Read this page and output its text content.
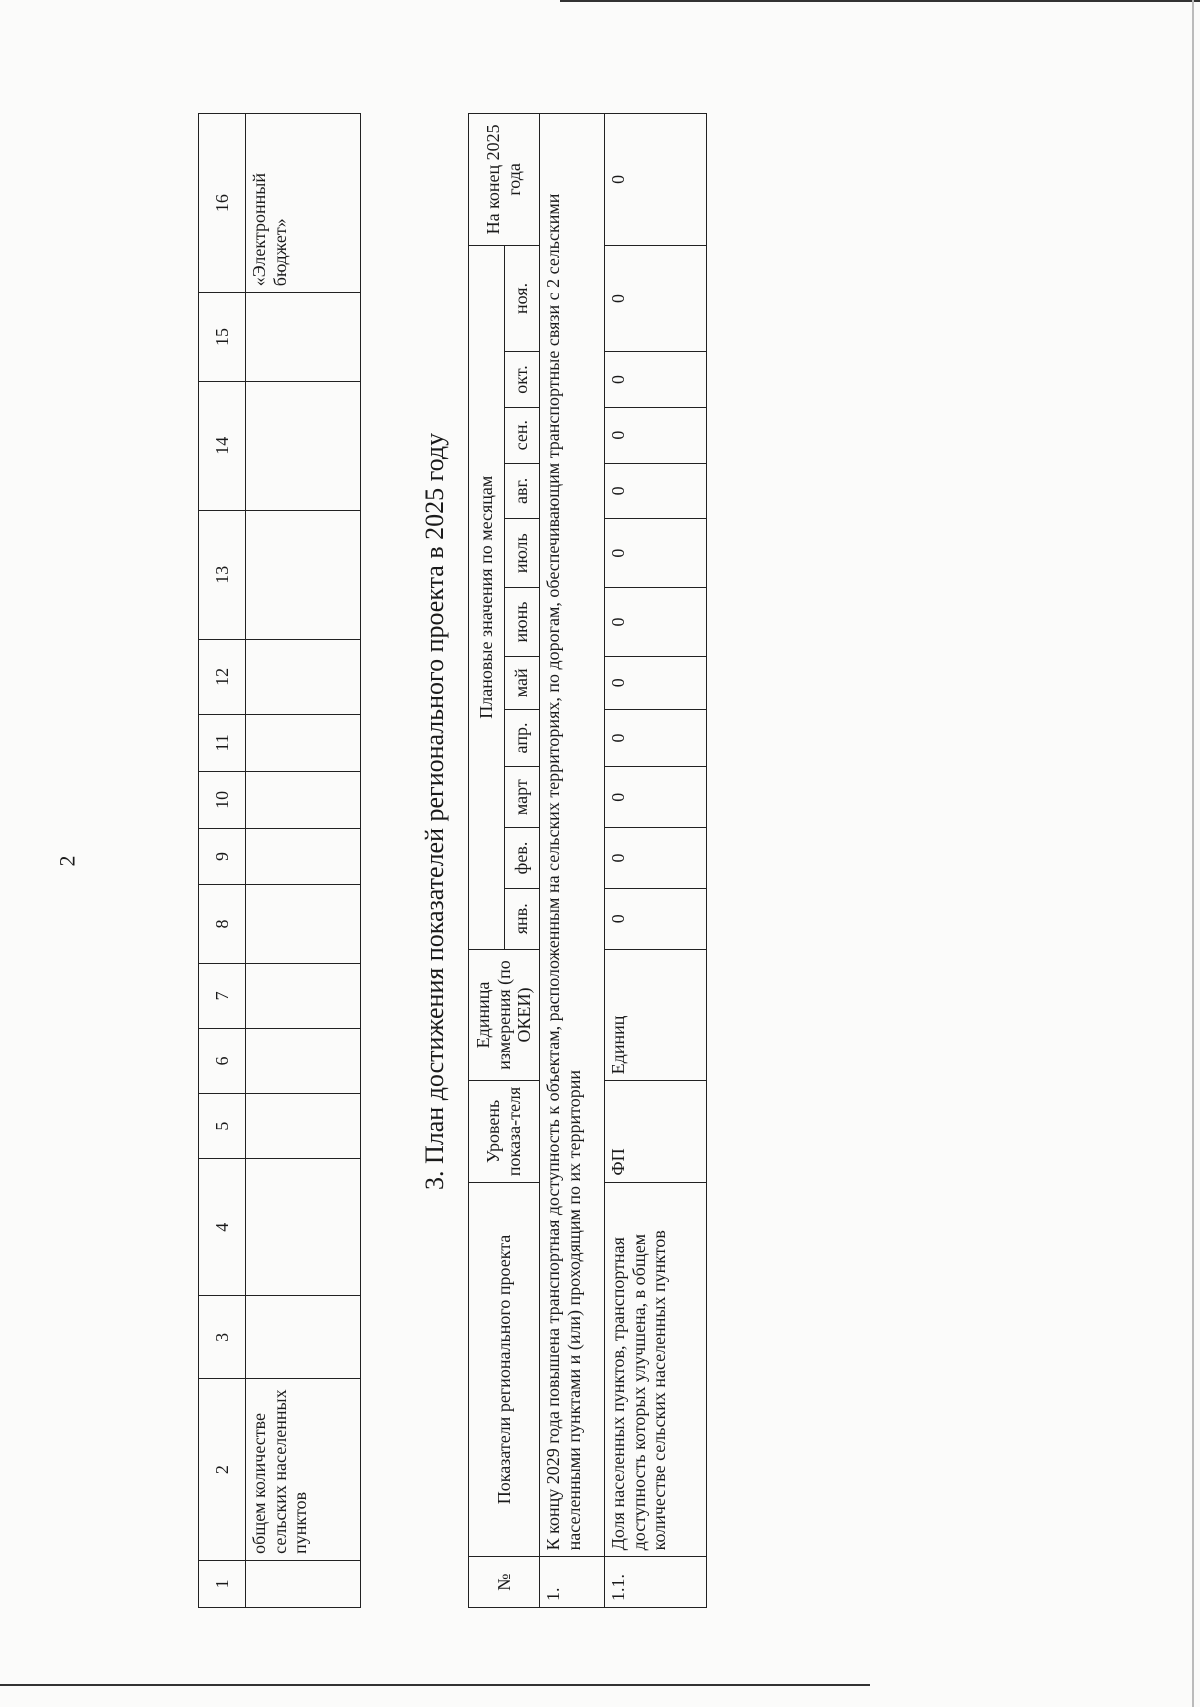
2
1	2	3	4	5	6	7	8	9	10	11	12	13	14	15	16
	общем количестве сельских населенных пунктов														«Электронный бюджет»
3. План достижения показателей регионального проекта в 2025 году
№	Показатели регионального проекта	Уровень показа-теля	Единица измерения (по ОКЕИ)	Плановые значения по месяцам											На конец 2025 года
				янв.	фев.	март	апр.	май	июнь	июль	авг.	сен.	окт.	ноя.	
1.	К концу 2029 года повышена транспортная доступность к объектам, расположенным на сельских территориях, по дорогам, обеспечивающим транспортные связи с 2 сельскими населенными пунктами и (или) проходящим по их территории														
1.1.	Доля населенных пунктов, транспортная доступность которых улучшена, в общем количестве сельских населенных пунктов	ФП	Единиц	0	0	0	0	0	0	0	0	0	0	0	0
